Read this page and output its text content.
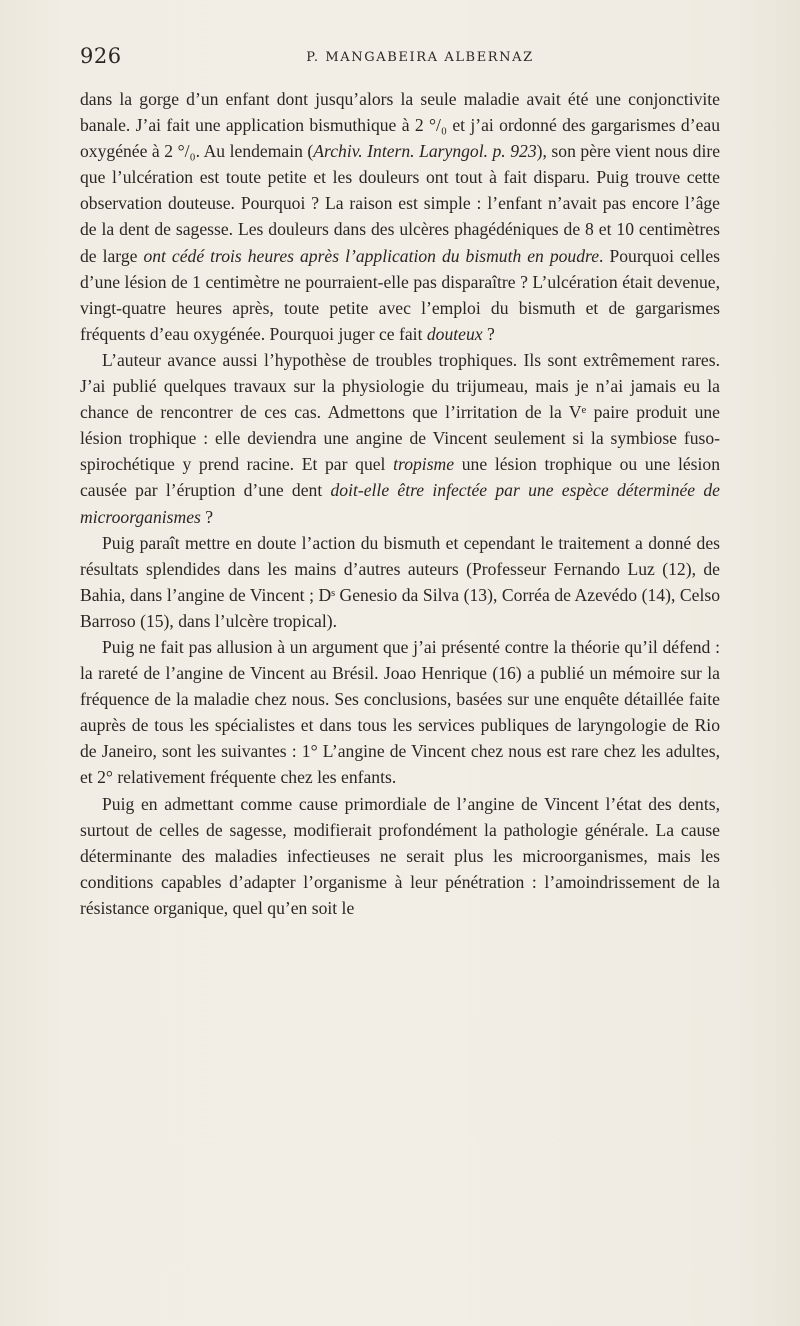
926	P. MANGABEIRA ALBERNAZ

dans la gorge d’un enfant dont jusqu’alors la seule maladie avait été une conjonctivite banale. J’ai fait une application bismuthique à 2 °/₀ et j’ai ordonné des gargarismes d’eau oxygénée à 2 °/₀. Au lendemain (Archiv. Intern. Laryngol. p. 923), son père vient nous dire que l’ulcération est toute petite et les douleurs ont tout à fait disparu. Puig trouve cette observation douteuse. Pourquoi ? La raison est simple : l’enfant n’avait pas encore l’âge de la dent de sagesse. Les douleurs dans des ulcères phagédéniques de 8 et 10 centimètres de large ont cédé trois heures après l’application du bismuth en poudre. Pourquoi celles d’une lésion de 1 centimètre ne pourraient-elle pas disparaître ? L’ulcération était devenue, vingt-quatre heures après, toute petite avec l’emploi du bismuth et de gargarismes fréquents d’eau oxygénée. Pourquoi juger ce fait douteux ?

L’auteur avance aussi l’hypothèse de troubles trophiques. Ils sont extrêmement rares. J’ai publié quelques travaux sur la physiologie du trijumeau, mais je n’ai jamais eu la chance de rencontrer de ces cas. Admettons que l’irritation de la Vᵉ paire produit une lésion trophique : elle deviendra une angine de Vincent seulement si la symbiose fuso-spirochétique y prend racine. Et par quel tropisme une lésion trophique ou une lésion causée par l’éruption d’une dent doit-elle être infectée par une espèce déterminée de microorganismes ?

Puig paraît mettre en doute l’action du bismuth et cependant le traitement a donné des résultats splendides dans les mains d’autres auteurs (Professeur Fernando Luz (12), de Bahia, dans l’angine de Vincent ; Dˢ Genesio da Silva (13), Corréa de Azevédo (14), Celso Barroso (15), dans l’ulcère tropical).

Puig ne fait pas allusion à un argument que j’ai présenté contre la théorie qu’il défend : la rareté de l’angine de Vincent au Brésil. Joao Henrique (16) a publié un mémoire sur la fréquence de la maladie chez nous. Ses conclusions, basées sur une enquête détaillée faite auprès de tous les spécialistes et dans tous les services publiques de laryngologie de Rio de Janeiro, sont les suivantes : 1° L’angine de Vincent chez nous est rare chez les adultes, et 2° relativement fréquente chez les enfants.

Puig en admettant comme cause primordiale de l’angine de Vincent l’état des dents, surtout de celles de sagesse, modifierait profondément la pathologie générale. La cause déterminante des maladies infectieuses ne serait plus les microorganismes, mais les conditions capables d’adapter l’organisme à leur pénétration : l’amoindrissement de la résistance organique, quel qu’en soit le
